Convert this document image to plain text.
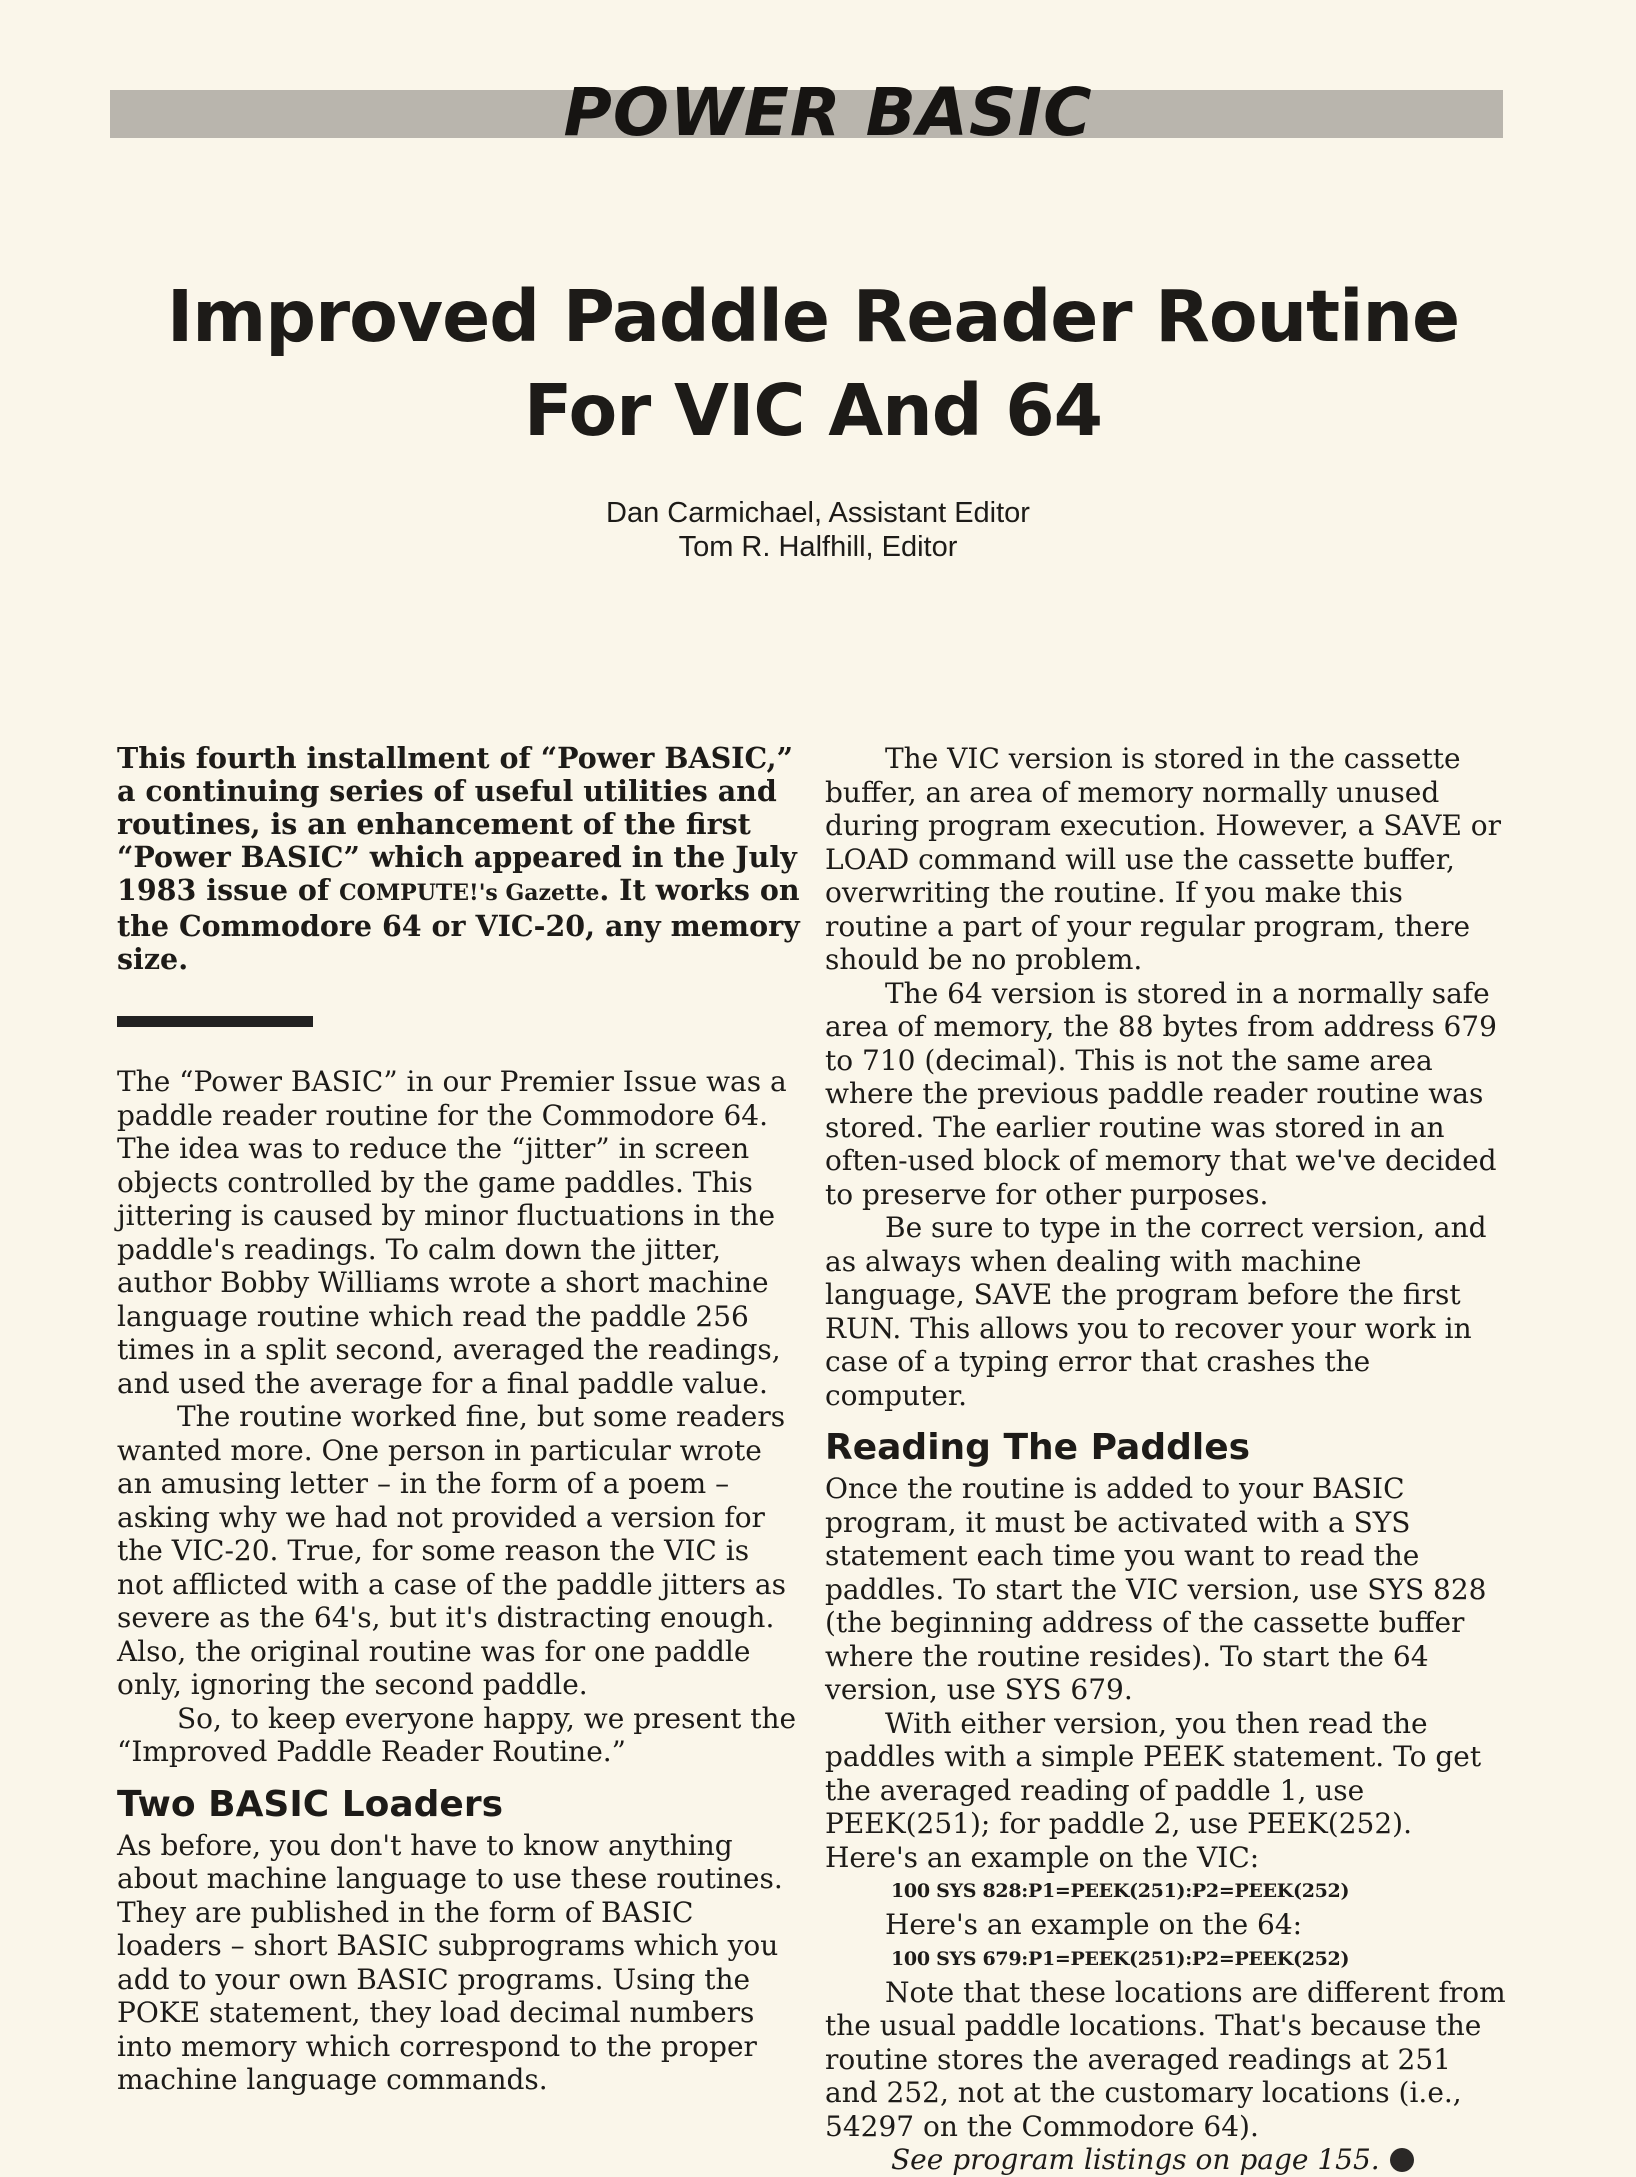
POWER BASIC
Improved Paddle Reader Routine
For VIC And 64
Dan Carmichael, Assistant Editor
Tom R. Halfhill, Editor

This fourth installment of “Power BASIC,” a continuing series of useful utilities and routines, is an enhancement of the first “Power BASIC” which appeared in the July 1983 issue of COMPUTE!'s Gazette. It works on the Commodore 64 or VIC-20, any memory size.

The “Power BASIC” in our Premier Issue was a paddle reader routine for the Commodore 64. The idea was to reduce the “jitter” in screen objects controlled by the game paddles. This jittering is caused by minor fluctuations in the paddle's readings. To calm down the jitter, author Bobby Williams wrote a short machine language routine which read the paddle 256 times in a split second, averaged the readings, and used the average for a final paddle value.

The routine worked fine, but some readers wanted more. One person in particular wrote an amusing letter – in the form of a poem – asking why we had not provided a version for the VIC-20. True, for some reason the VIC is not afflicted with a case of the paddle jitters as severe as the 64's, but it's distracting enough. Also, the original routine was for one paddle only, ignoring the second paddle.

So, to keep everyone happy, we present the “Improved Paddle Reader Routine.”

Two BASIC Loaders

As before, you don't have to know anything about machine language to use these routines. They are published in the form of BASIC loaders – short BASIC subprograms which you add to your own BASIC programs. Using the POKE statement, they load decimal numbers into memory which correspond to the proper machine language commands.

The VIC version is stored in the cassette buffer, an area of memory normally unused during program execution. However, a SAVE or LOAD command will use the cassette buffer, overwriting the routine. If you make this routine a part of your regular program, there should be no problem.

The 64 version is stored in a normally safe area of memory, the 88 bytes from address 679 to 710 (decimal). This is not the same area where the previous paddle reader routine was stored. The earlier routine was stored in an often-used block of memory that we've decided to preserve for other purposes.

Be sure to type in the correct version, and as always when dealing with machine language, SAVE the program before the first RUN. This allows you to recover your work in case of a typing error that crashes the computer.

Reading The Paddles

Once the routine is added to your BASIC program, it must be activated with a SYS statement each time you want to read the paddles. To start the VIC version, use SYS 828 (the beginning address of the cassette buffer where the routine resides). To start the 64 version, use SYS 679.

With either version, you then read the paddles with a simple PEEK statement. To get the averaged reading of paddle 1, use PEEK(251); for paddle 2, use PEEK(252). Here's an example on the VIC:

100 SYS 828:P1=PEEK(251):P2=PEEK(252)

Here's an example on the 64:

100 SYS 679:P1=PEEK(251):P2=PEEK(252)

Note that these locations are different from the usual paddle locations. That's because the routine stores the averaged readings at 251 and 252, not at the customary locations (i.e., 54297 on the Commodore 64).

See program listings on page 155.
